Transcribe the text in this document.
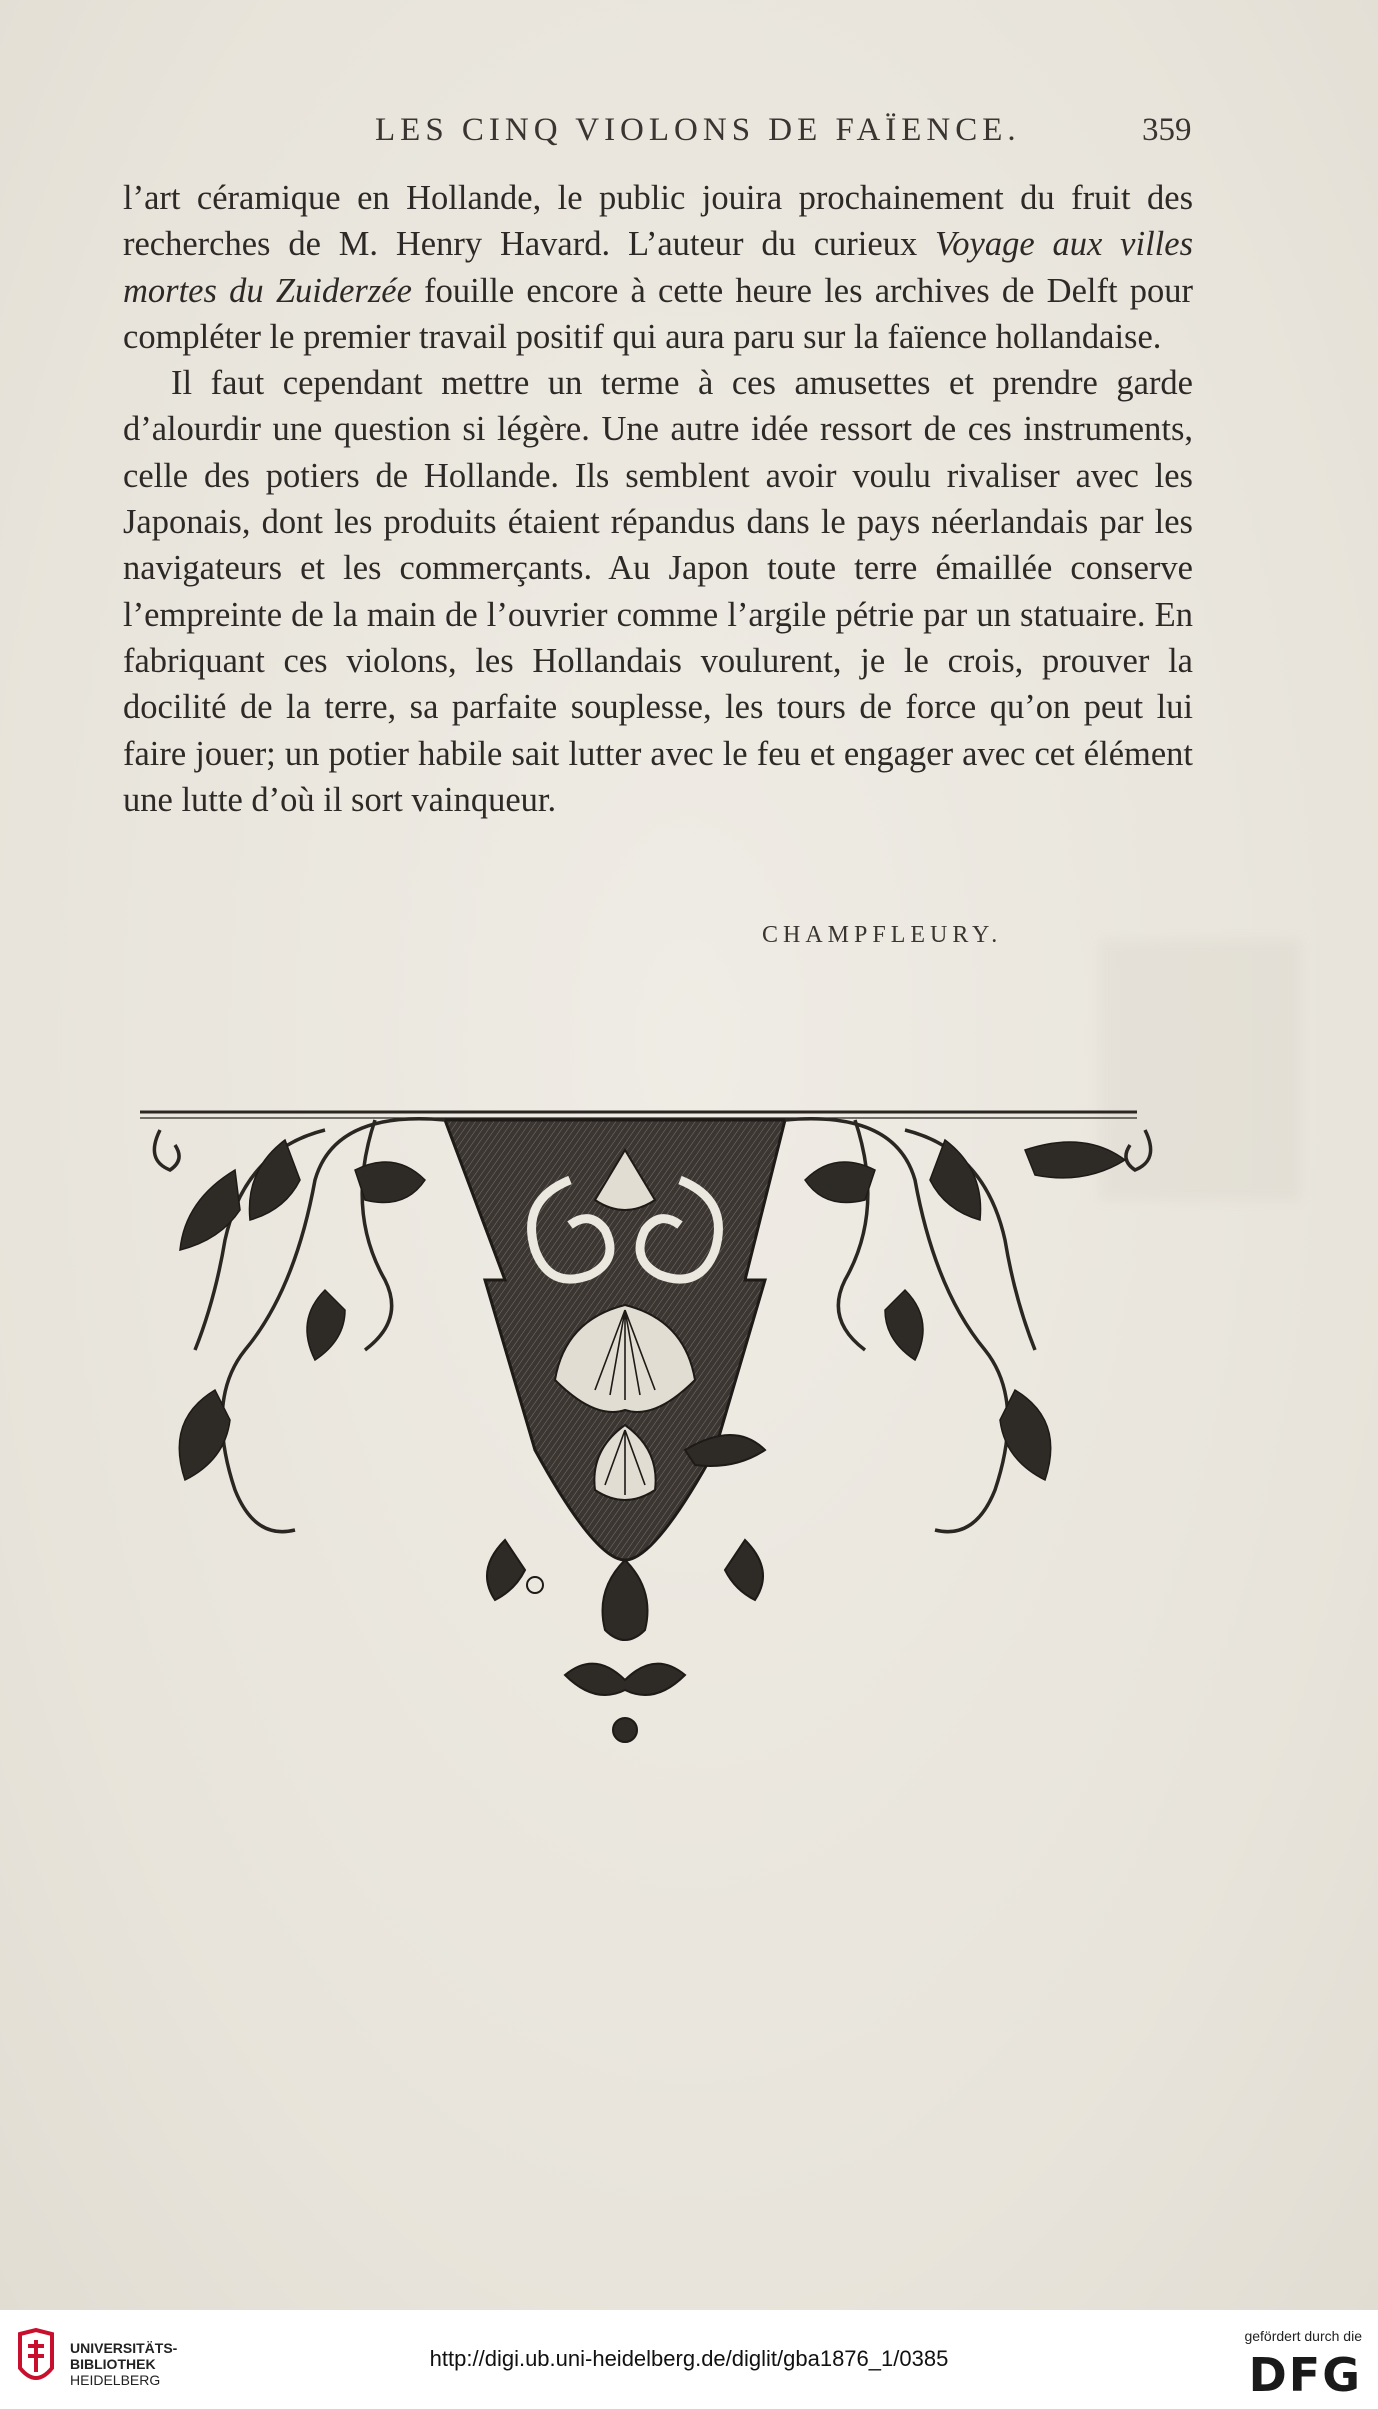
LES CINQ VIOLONS DE FAÏENCE.	359

l’art céramique en Hollande, le public jouira prochainement du fruit des recherches de M. Henry Havard. L’auteur du curieux Voyage aux villes mortes du Zuiderzée fouille encore à cette heure les archives de Delft pour compléter le premier travail positif qui aura paru sur la faïence hollandaise.

Il faut cependant mettre un terme à ces amusettes et prendre garde d’alourdir une question si légère. Une autre idée ressort de ces instruments, celle des potiers de Hollande. Ils semblent avoir voulu rivaliser avec les Japonais, dont les produits étaient répandus dans le pays néerlandais par les navigateurs et les commerçants. Au Japon toute terre émaillée conserve l’empreinte de la main de l’ouvrier comme l’argile pétrie par un statuaire. En fabriquant ces violons, les Hollandais voulurent, je le crois, prouver la docilité de la terre, sa parfaite souplesse, les tours de force qu’on peut lui faire jouer; un potier habile sait lutter avec le feu et engager avec cet élément une lutte d’où il sort vainqueur.

CHAMPFLEURY.
UNIVERSITÄTS-
BIBLIOTHEK
HEIDELBERG
http://digi.ub.uni-heidelberg.de/diglit/gba1876_1/0385
gefördert durch die
DFG
